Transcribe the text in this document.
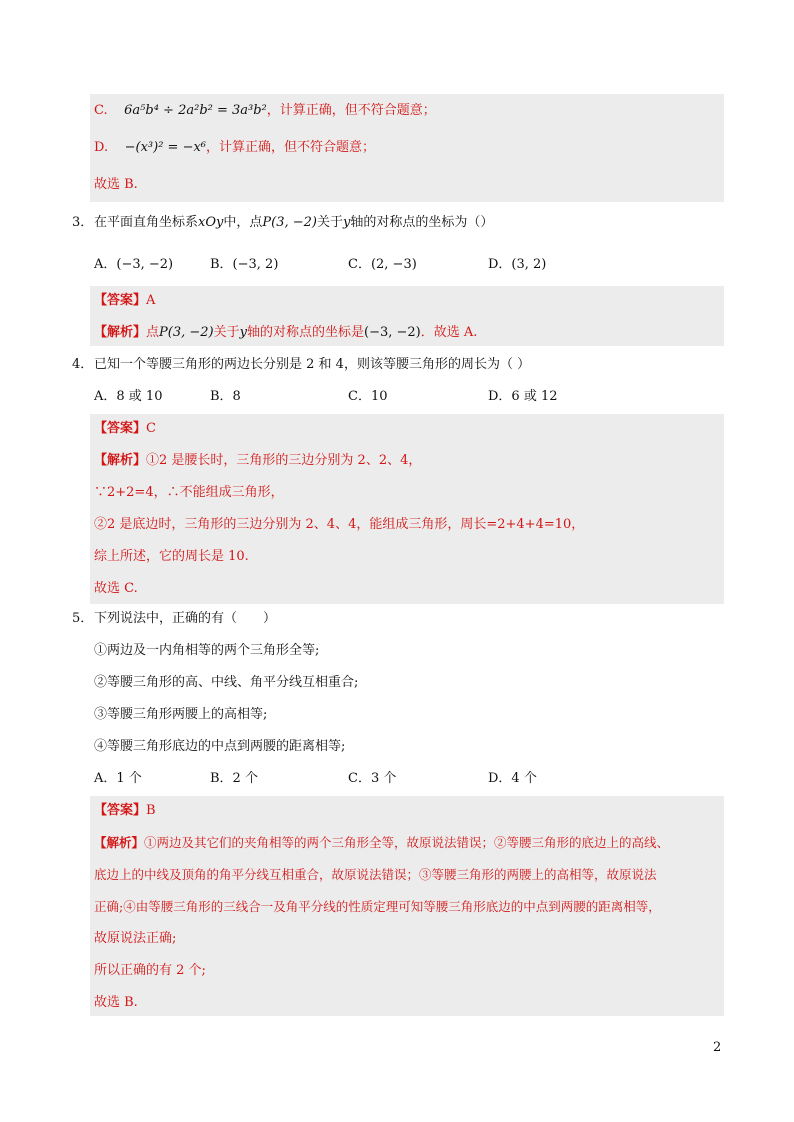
C. 6a⁵b⁴ ÷ 2a²b² = 3a³b²，计算正确，但不符合题意；
D. −(x³)² = −x⁶，计算正确，但不符合题意；
故选 B.
3． 在平面直角坐标系xOy中，点P(3, −2)关于y轴的对称点的坐标为（）
A．(−3, −2)	B．(−3, 2)	C．(2, −3)	D．(3, 2)
【答案】A
【解析】点P(3, −2)关于y轴的对称点的坐标是(−3, −2)．故选 A.
4． 已知一个等腰三角形的两边长分别是 2 和 4，则该等腰三角形的周长为（ ）
A．8 或 10	B．8	C．10	D．6 或 12
【答案】C
【解析】①2 是腰长时，三角形的三边分别为 2、2、4，
∵2+2=4，∴不能组成三角形，
②2 是底边时，三角形的三边分别为 2、4、4，能组成三角形，周长=2+4+4=10，
综上所述，它的周长是 10.
故选 C.
5． 下列说法中，正确的有（　　）
①两边及一内角相等的两个三角形全等;
②等腰三角形的高、中线、角平分线互相重合;
③等腰三角形两腰上的高相等;
④等腰三角形底边的中点到两腰的距离相等;
A．1 个	B．2 个	C．3 个	D．4 个
【答案】B
【解析】①两边及其它们的夹角相等的两个三角形全等，故原说法错误；②等腰三角形的底边上的高线、
底边上的中线及顶角的角平分线互相重合，故原说法错误；③等腰三角形的两腰上的高相等，故原说法
正确;④由等腰三角形的三线合一及角平分线的性质定理可知等腰三角形底边的中点到两腰的距离相等，
故原说法正确;
所以正确的有 2 个;
故选 B.
2
